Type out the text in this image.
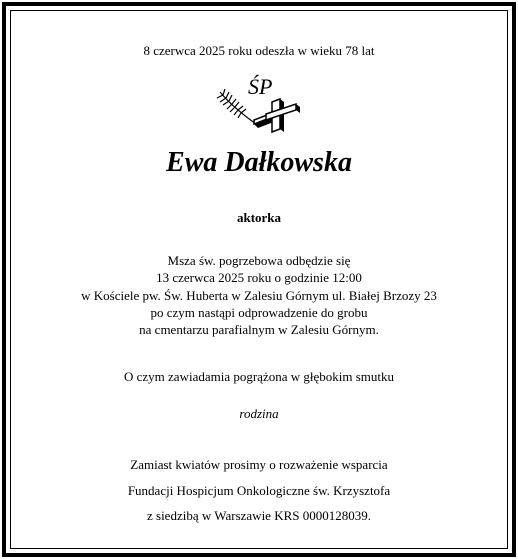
8 czerwca 2025 roku odeszła w wieku 78 lat
ŚP
Ewa Dałkowska
aktorka
Msza św. pogrzebowa odbędzie się
13 czerwca 2025 roku o godzinie 12:00
w Kościele pw. Św. Huberta w Zalesiu Górnym ul. Białej Brzozy 23
po czym nastąpi odprowadzenie do grobu
na cmentarzu parafialnym w Zalesiu Górnym.
O czym zawiadamia pogrążona w głębokim smutku
rodzina
Zamiast kwiatów prosimy o rozważenie wsparcia
Fundacji Hospicjum Onkologiczne św. Krzysztofa
z siedzibą w Warszawie KRS 0000128039.
